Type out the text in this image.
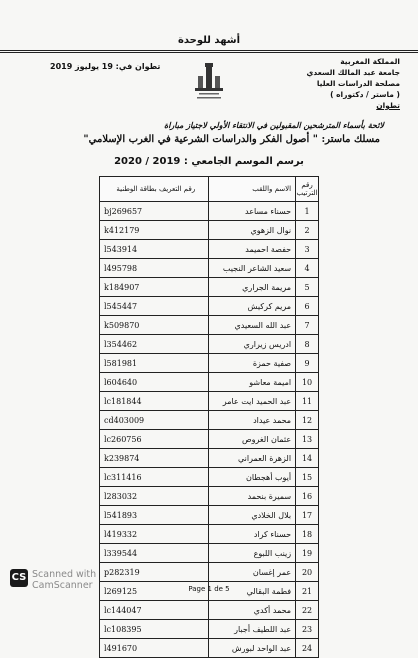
أشهد للوحدة
المملكة المغربية
جامعة عبد المالك السعدي
مصلحة الدراسات العليا
( ماستر / دكتوراه )
تطوان
تطوان في: 19 يوليوز 2019
لائحة بأسماء المترشحين المقبولين في الانتقاء الأولي لاجتياز مباراة
مسلك ماستر: " أصول الفكر والدراسات الشرعية في الغرب الإسلامي"
برسم الموسم الجامعي : 2019 / 2020
رقم الترتيب	الاسم واللقب	رقم التعريف بطاقة الوطنية
1	حسناء مساعد	bj269657
2	نوال الزهوي	k412179
3	حفصة احميمد	l543914
4	سعيد الشاعر النجيب	l495798
5	مريمة الجراري	k184907
6	مريم كركيش	l545447
7	عبد الله السعيدي	k509870
8	ادريس زيراري	l354462
9	صفية حمزة	l581981
10	اميمة معاشو	l604640
11	عبد الحميد ايت عامر	lc181844
12	محمد عيداد	cd403009
13	عثمان الغروص	lc260756
14	الزهرة العمراني	k239874
15	أيوب أهجطان	lc311416
16	سميرة بنحمد	l283032
17	بلال الخلادي	l541893
18	حسناء كراد	l419332
19	زينب اللبوع	l339544
20	عمر إغسان	p282319
21	فطمة البقالي	l269125
22	محمد أكدي	lc144047
23	عبد اللطيف أجبار	lc108395
24	عبد الواحد لبورش	l491670
CS Scanned with
CamScanner	Page 1 de 5
